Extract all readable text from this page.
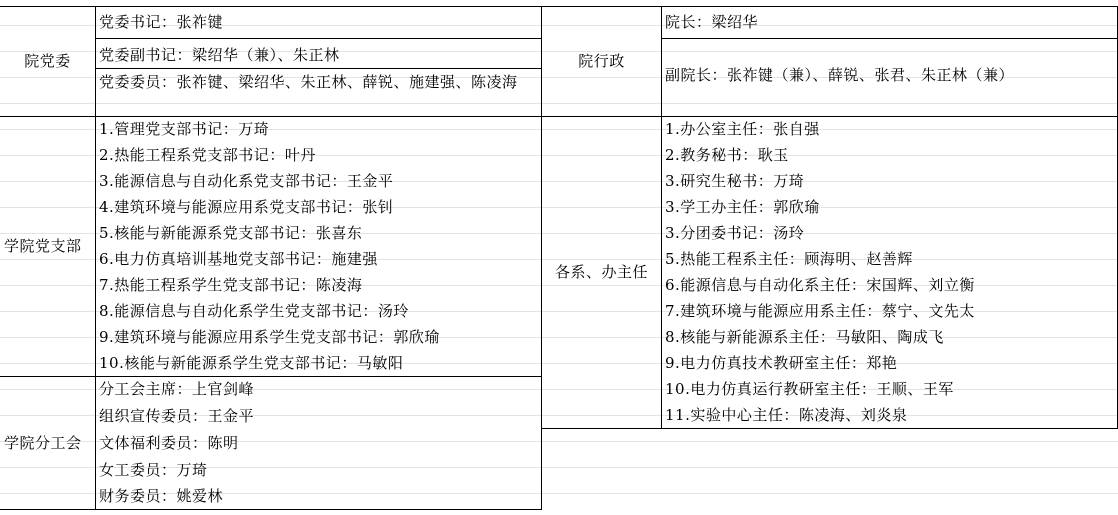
院党委
学院党支部
学院分工会
党委书记：张祚键
党委副书记：梁绍华（兼）、朱正林
党委委员：张祚键、梁绍华、朱正林、薛锐、施建强、陈凌海
1.管理党支部书记：万琦
2.热能工程系党支部书记：叶丹
3.能源信息与自动化系党支部书记：王金平
4.建筑环境与能源应用系党支部书记：张钊
5.核能与新能源系党支部书记：张喜东
6.电力仿真培训基地党支部书记：施建强
7.热能工程系学生党支部书记：陈凌海
8.能源信息与自动化系学生党支部书记：汤玲
9.建筑环境与能源应用系学生党支部书记：郭欣瑜
10.核能与新能源系学生党支部书记：马敏阳
分工会主席：上官剑峰
组织宣传委员：王金平
文体福利委员：陈明
女工委员：万琦
财务委员：姚爱林
院行政
各系、办主任
院长：梁绍华
副院长：张祚键（兼）、薛锐、张君、朱正林（兼）
1.办公室主任：张自强
2.教务秘书：耿玉
3.研究生秘书：万琦
3.学工办主任：郭欣瑜
3.分团委书记：汤玲
5.热能工程系主任：顾海明、赵善辉
6.能源信息与自动化系主任：宋国辉、刘立衡
7.建筑环境与能源应用系主任：蔡宁、文先太
8.核能与新能源系主任：马敏阳、陶成飞
9.电力仿真技术教研室主任：郑艳
10.电力仿真运行教研室主任：王顺、王军
11.实验中心主任：陈凌海、刘炎泉
